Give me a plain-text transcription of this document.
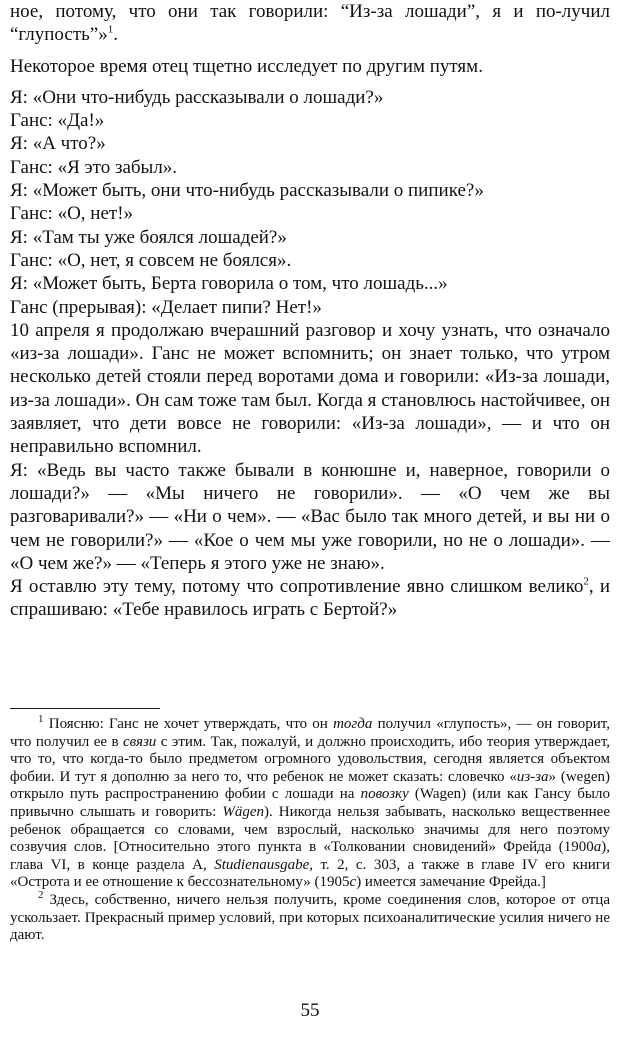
ное, потому, что они так говорили: “Из-за лошади”, я и по-лучил “глупость”»$^1$.

Некоторое время отец тщетно исследует по другим путям.

Я: «Они что-нибудь рассказывали о лошади?»

Ганс: «Да!»

Я: «А что?»

Ганс: «Я это забыл».

Я: «Может быть, они что-нибудь рассказывали о пипике?»

Ганс: «О, нет!»

Я: «Там ты уже боялся лошадей?»

Ганс: «О, нет, я совсем не боялся».

Я: «Может быть, Берта говорила о том, что лошадь...»

Ганс (прерывая): «Делает пипи? Нет!»

10 апреля я продолжаю вчерашний разговор и хочу узнать, что означало «из-за лошади». Ганс не может вспомнить; он знает только, что утром несколько детей стояли перед воротами дома и говорили: «Из-за лошади, из-за лошади». Он сам тоже там был. Когда я становлюсь настойчивее, он заявляет, что дети вовсе не говорили: «Из-за лошади», — и что он неправильно вспомнил.

Я: «Ведь вы часто также бывали в конюшне и, наверное, говорили о лошади?» — «Мы ничего не говорили». — «О чем же вы разговаривали?» — «Ни о чем». — «Вас было так много детей, и вы ни о чем не говорили?» — «Кое о чем мы уже говорили, но не о лошади». — «О чем же?» — «Теперь я этого уже не знаю».

Я оставлю эту тему, потому что сопротивление явно слишком велико$^2$, и спрашиваю: «Тебе нравилось играть с Бертой?»

$^1$ Поясню: Ганс не хочет утверждать, что он тогда получил «глупость», — он говорит, что получил ее в связи с этим. Так, пожалуй, и должно происходить, ибо теория утверждает, что то, что когда-то было предметом огромного удовольствия, сегодня является объектом фобии. И тут я дополню за него то, что ребенок не может сказать: словечко «из-за» (wegen) открыло путь распространению фобии с лошади на повозку (Wagen) (или как Гансу было привычно слышать и говорить: Wägen). Никогда нельзя забывать, насколько вещественнее ребенок обращается со словами, чем взрослый, насколько значимы для него поэтому созвучия слов. [Относительно этого пункта в «Толковании сновидений» Фрейда (1900a), глава VI, в конце раздела А, Studienausgabe, т. 2, с. 303, а также в главе IV его книги «Острота и ее отношение к бессознательному» (1905c) имеется замечание Фрейда.]

$^2$ Здесь, собственно, ничего нельзя получить, кроме соединения слов, которое от отца ускользает. Прекрасный пример условий, при которых психоаналитические усилия ничего не дают.

55
